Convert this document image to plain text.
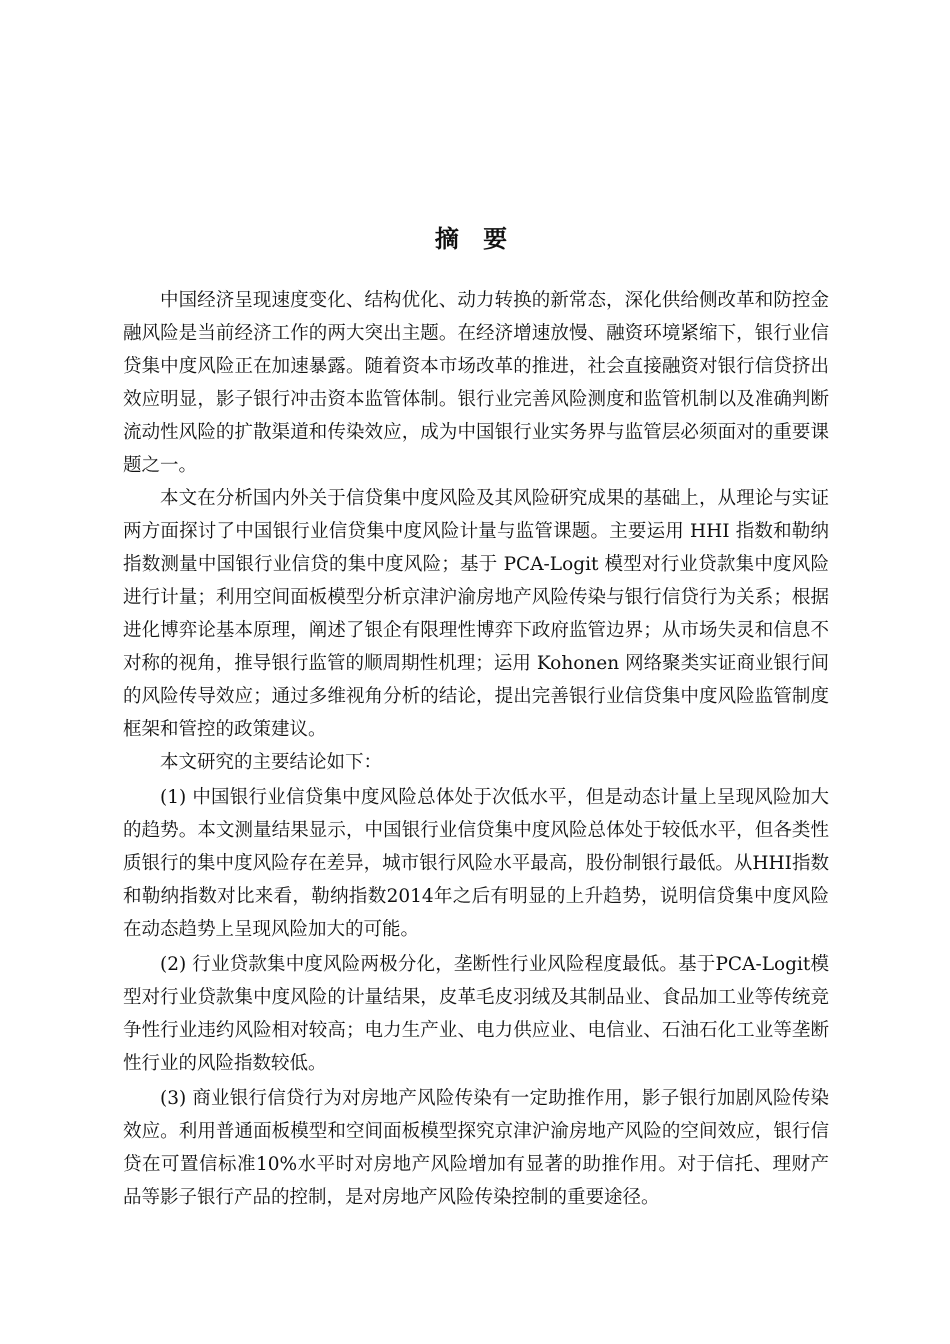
摘 要

中国经济呈现速度变化、结构优化、动力转换的新常态，深化供给侧改革和防控金融风险是当前经济工作的两大突出主题。在经济增速放慢、融资环境紧缩下，银行业信贷集中度风险正在加速暴露。随着资本市场改革的推进，社会直接融资对银行信贷挤出效应明显，影子银行冲击资本监管体制。银行业完善风险测度和监管机制以及准确判断流动性风险的扩散渠道和传染效应，成为中国银行业实务界与监管层必须面对的重要课题之一。

本文在分析国内外关于信贷集中度风险及其风险研究成果的基础上，从理论与实证两方面探讨了中国银行业信贷集中度风险计量与监管课题。主要运用 HHI 指数和勒纳指数测量中国银行业信贷的集中度风险；基于 PCA-Logit 模型对行业贷款集中度风险进行计量；利用空间面板模型分析京津沪渝房地产风险传染与银行信贷行为关系；根据进化博弈论基本原理，阐述了银企有限理性博弈下政府监管边界；从市场失灵和信息不对称的视角，推导银行监管的顺周期性机理；运用 Kohonen 网络聚类实证商业银行间的风险传导效应；通过多维视角分析的结论，提出完善银行业信贷集中度风险监管制度框架和管控的政策建议。

本文研究的主要结论如下：

(1) 中国银行业信贷集中度风险总体处于次低水平，但是动态计量上呈现风险加大的趋势。本文测量结果显示，中国银行业信贷集中度风险总体处于较低水平，但各类性质银行的集中度风险存在差异，城市银行风险水平最高，股份制银行最低。从HHI指数和勒纳指数对比来看，勒纳指数2014年之后有明显的上升趋势，说明信贷集中度风险在动态趋势上呈现风险加大的可能。

(2) 行业贷款集中度风险两极分化，垄断性行业风险程度最低。基于PCA-Logit模型对行业贷款集中度风险的计量结果，皮革毛皮羽绒及其制品业、食品加工业等传统竞争性行业违约风险相对较高；电力生产业、电力供应业、电信业、石油石化工业等垄断性行业的风险指数较低。

(3) 商业银行信贷行为对房地产风险传染有一定助推作用，影子银行加剧风险传染效应。利用普通面板模型和空间面板模型探究京津沪渝房地产风险的空间效应，银行信贷在可置信标准10%水平时对房地产风险增加有显著的助推作用。对于信托、理财产品等影子银行产品的控制，是对房地产风险传染控制的重要途径。
